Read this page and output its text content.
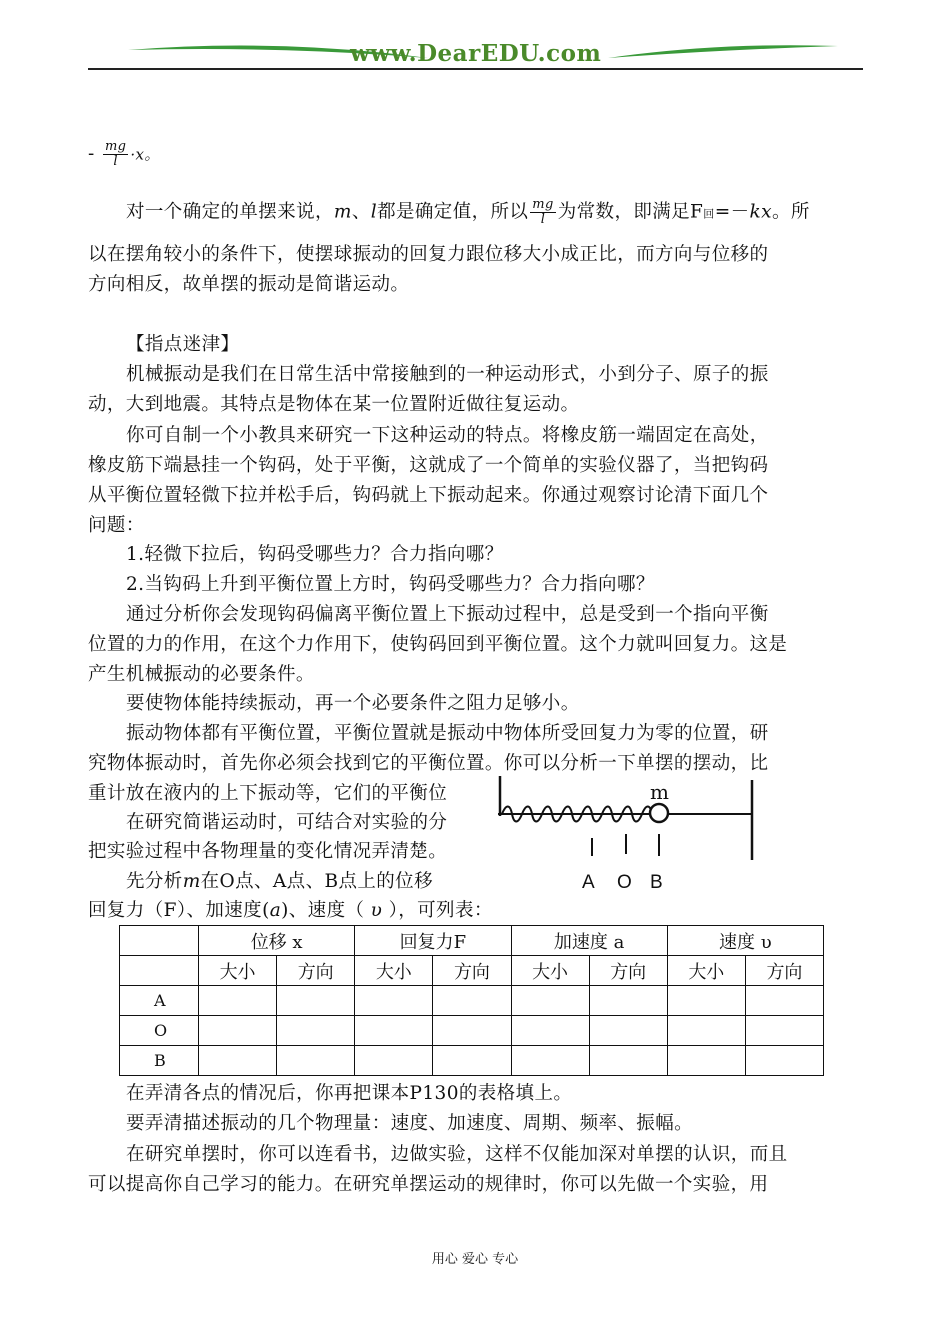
www.DearEDU.com
- $\frac{mg}{l} \cdot x$。
对一个确定的单摆来说，m、l都是确定值，所以 $\frac{mg}{l}$ 为常数，即满足F回=－kx。所
以在摆角较小的条件下，使摆球振动的回复力跟位移大小成正比，而方向与位移的
方向相反，故单摆的振动是简谐运动。
【指点迷津】
机械振动是我们在日常生活中常接触到的一种运动形式，小到分子、原子的振
动，大到地震。其特点是物体在某一位置附近做往复运动。
你可自制一个小教具来研究一下这种运动的特点。将橡皮筋一端固定在高处，
橡皮筋下端悬挂一个钩码，处于平衡，这就成了一个简单的实验仪器了，当把钩码
从平衡位置轻微下拉并松手后，钩码就上下振动起来。你通过观察讨论清下面几个
问题：
1.轻微下拉后，钩码受哪些力？合力指向哪？
2.当钩码上升到平衡位置上方时，钩码受哪些力？合力指向哪？
通过分析你会发现钩码偏离平衡位置上下振动过程中，总是受到一个指向平衡
位置的力的作用，在这个力作用下，使钩码回到平衡位置。这个力就叫回复力。这是
产生机械振动的必要条件。
要使物体能持续振动，再一个必要条件之阻力足够小。
振动物体都有平衡位置，平衡位置就是振动中物体所受回复力为零的位置，研
究物体振动时，首先你必须会找到它的平衡位置。你可以分析一下单摆的摆动，比
重计放在液内的上下振动等，它们的平衡位
在研究简谐运动时，可结合对实验的分
把实验过程中各物理量的变化情况弄清楚。
先分析m在O点、A点、B点上的位移
回复力（F）、加速度(a)、速度（ υ ），可列表：
m
A O B
	位移 x		回复力F		加速度 a		速度 υ	
	大小	方向	大小	方向	大小	方向	大小	方向
A								
O								
B								
在弄清各点的情况后，你再把课本P130的表格填上。
要弄清描述振动的几个物理量：速度、加速度、周期、频率、振幅。
在研究单摆时，你可以连看书，边做实验，这样不仅能加深对单摆的认识，而且
可以提高你自己学习的能力。在研究单摆运动的规律时，你可以先做一个实验，用
用心 爱心 专心
